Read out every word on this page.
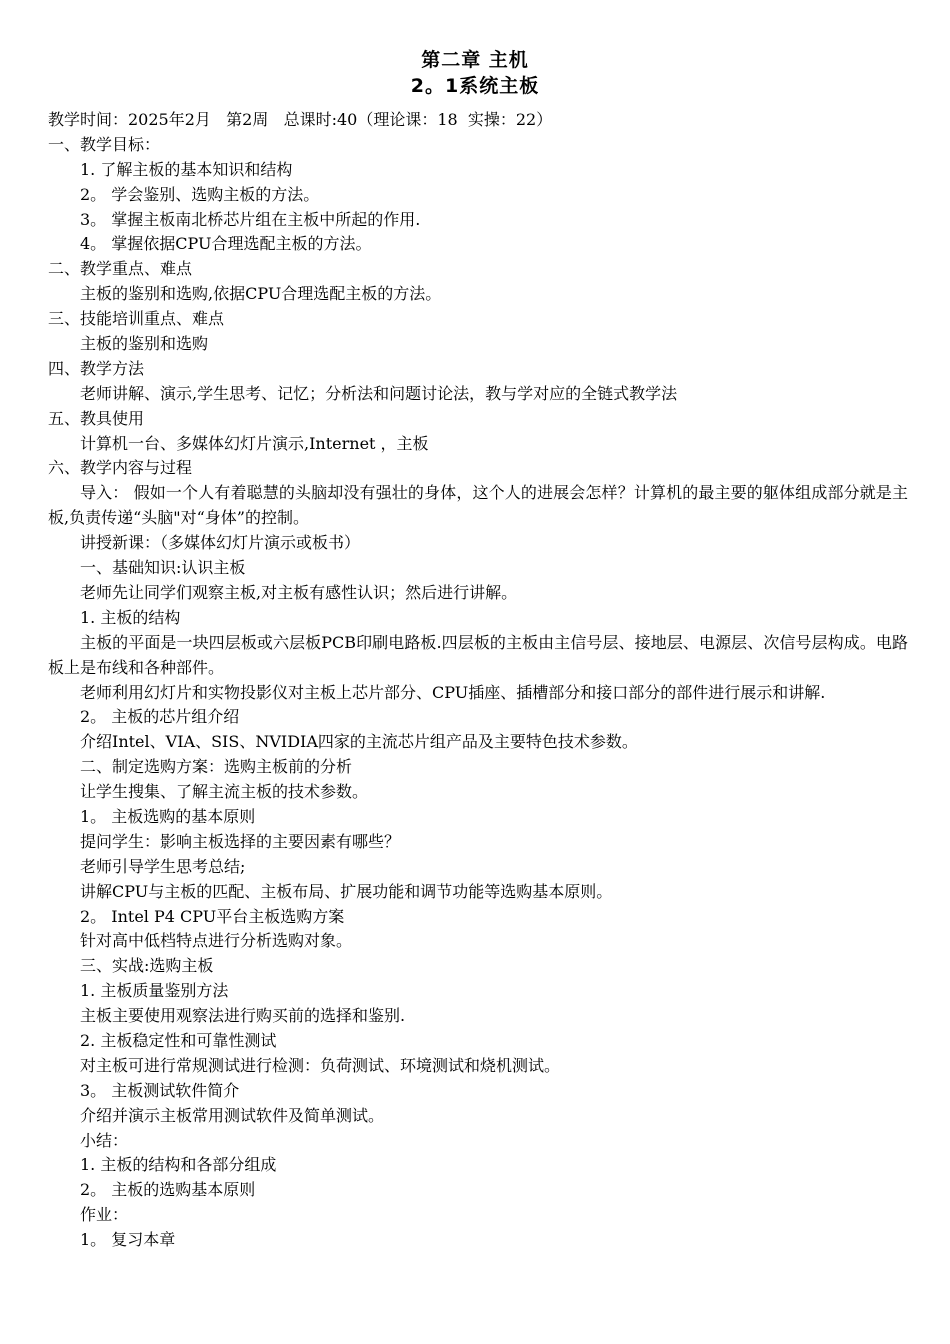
第二章 主机
2。1系统主板
教学时间：2025年2月   第2周   总课时:40（理论课：18  实操：22）
一、教学目标：
1. 了解主板的基本知识和结构
2。 学会鉴别、选购主板的方法。
3。 掌握主板南北桥芯片组在主板中所起的作用.
4。 掌握依据CPU合理选配主板的方法。
二、教学重点、难点
主板的鉴别和选购,依据CPU合理选配主板的方法。
三、技能培训重点、难点
主板的鉴别和选购
四、教学方法
老师讲解、演示,学生思考、记忆；分析法和问题讨论法，教与学对应的全链式教学法
五、教具使用
计算机一台、多媒体幻灯片演示,Internet ，主板
六、教学内容与过程
导入： 假如一个人有着聪慧的头脑却没有强壮的身体，这个人的进展会怎样？计算机的最主要的躯体组成部分就是主板,负责传递“头脑"对“身体”的控制。
讲授新课：（多媒体幻灯片演示或板书）
一、基础知识:认识主板
老师先让同学们观察主板,对主板有感性认识；然后进行讲解。
1. 主板的结构
主板的平面是一块四层板或六层板PCB印刷电路板.四层板的主板由主信号层、接地层、电源层、次信号层构成。电路板上是布线和各种部件。
老师利用幻灯片和实物投影仪对主板上芯片部分、CPU插座、插槽部分和接口部分的部件进行展示和讲解.
2。 主板的芯片组介绍
介绍Intel、VIA、SIS、NVIDIA四家的主流芯片组产品及主要特色技术参数。
二、制定选购方案：选购主板前的分析
让学生搜集、了解主流主板的技术参数。
1。 主板选购的基本原则
提问学生：影响主板选择的主要因素有哪些？
老师引导学生思考总结;
讲解CPU与主板的匹配、主板布局、扩展功能和调节功能等选购基本原则。
2。 Intel P4 CPU平台主板选购方案
针对高中低档特点进行分析选购对象。
三、实战:选购主板
1. 主板质量鉴别方法
主板主要使用观察法进行购买前的选择和鉴别.
2. 主板稳定性和可靠性测试
对主板可进行常规测试进行检测：负荷测试、环境测试和烧机测试。
3。 主板测试软件简介
介绍并演示主板常用测试软件及简单测试。
小结：
1. 主板的结构和各部分组成
2。 主板的选购基本原则
作业：
1。 复习本章
